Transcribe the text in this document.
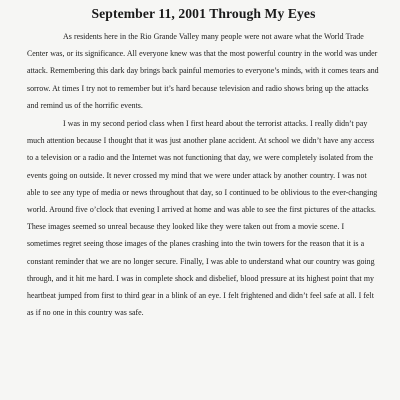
September 11, 2001 Through My Eyes

As residents here in the Rio Grande Valley many people were not aware what the World Trade Center was, or its significance. All everyone knew was that the most powerful country in the world was under attack. Remembering this dark day brings back painful memories to everyone’s minds, with it comes tears and sorrow. At times I try not to remember but it’s hard because television and radio shows bring up the attacks and remind us of the horrific events.

I was in my second period class when I first heard about the terrorist attacks. I really didn’t pay much attention because I thought that it was just another plane accident. At school we didn’t have any access to a television or a radio and the Internet was not functioning that day, we were completely isolated from the events going on outside. It never crossed my mind that we were under attack by another country. I was not able to see any type of media or news throughout that day, so I continued to be oblivious to the ever-changing world. Around five o’clock that evening I arrived at home and was able to see the first pictures of the attacks. These images seemed so unreal because they looked like they were taken out from a movie scene. I sometimes regret seeing those images of the planes crashing into the twin towers for the reason that it is a constant reminder that we are no longer secure. Finally, I was able to understand what our country was going through, and it hit me hard. I was in complete shock and disbelief, blood pressure at its highest point that my heartbeat jumped from first to third gear in a blink of an eye. I felt frightened and didn’t feel safe at all. I felt as if no one in this country was safe.
